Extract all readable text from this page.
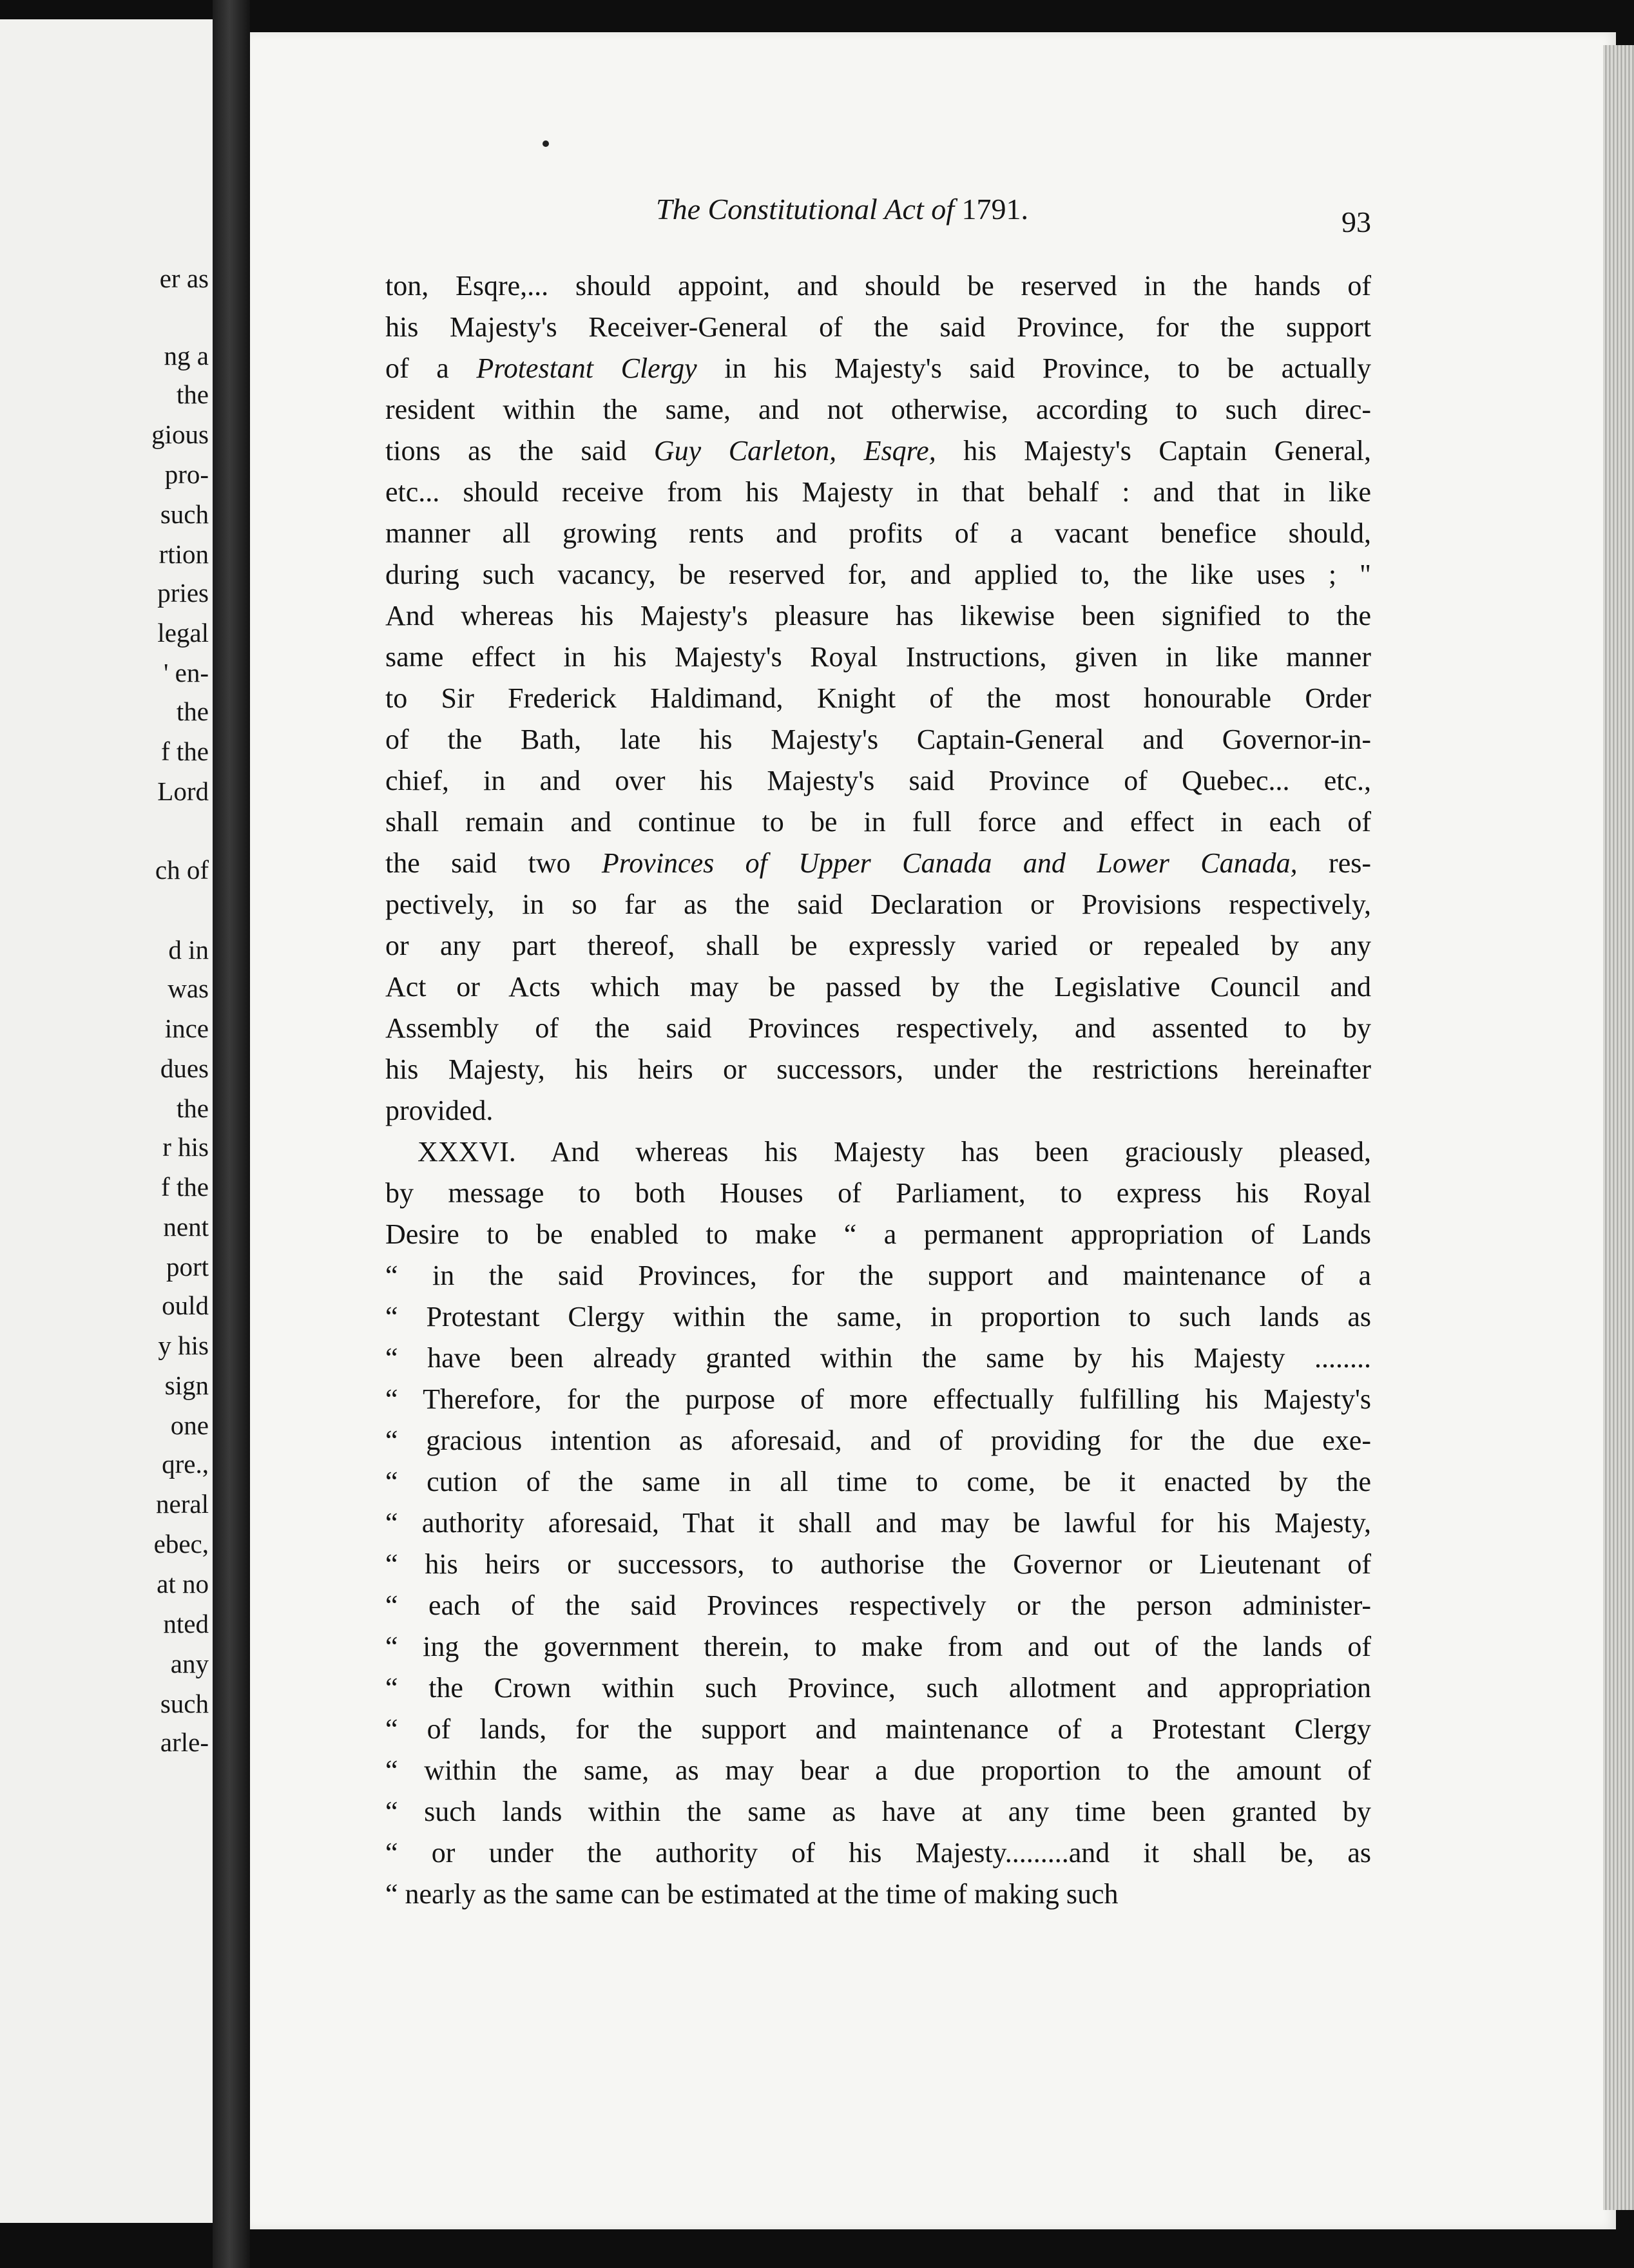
er as
ng a
the
gious
pro-
such
rtion
pries
legal
' en-
the
f the
Lord
ch of
d in
was
ince
dues
the
r his
f the
nent
port
ould
y his
sign
one
qre.,
neral
ebec,
at no
nted
any
such
arle-
The Constitutional Act of 1791.	93
ton, Esqre,... should appoint, and should be reserved in the hands of
his Majesty's Receiver-General of the said Province, for the support
of a Protestant Clergy in his Majesty's said Province, to be actually
resident within the same, and not otherwise, according to such direc-
tions as the said Guy Carleton, Esqre, his Majesty's Captain General,
etc... should receive from his Majesty in that behalf : and that in like
manner all growing rents and profits of a vacant benefice should,
during such vacancy, be reserved for, and applied to, the like uses ; "
And whereas his Majesty's pleasure has likewise been signified to the
same effect in his Majesty's Royal Instructions, given in like manner
to Sir Frederick Haldimand, Knight of the most honourable Order
of the Bath, late his Majesty's Captain-General and Governor-in-
chief, in and over his Majesty's said Province of Quebec... etc.,
shall remain and continue to be in full force and effect in each of
the said two Provinces of Upper Canada and Lower Canada, res-
pectively, in so far as the said Declaration or Provisions respectively,
or any part thereof, shall be expressly varied or repealed by any
Act or Acts which may be passed by the Legislative Council and
Assembly of the said Provinces respectively, and assented to by
his Majesty, his heirs or successors, under the restrictions hereinafter
provided.
XXXVI. And whereas his Majesty has been graciously pleased,
by message to both Houses of Parliament, to express his Royal
Desire to be enabled to make “ a permanent appropriation of Lands
“ in the said Provinces, for the support and maintenance of a
“ Protestant Clergy within the same, in proportion to such lands as
“ have been already granted within the same by his Majesty ........
“ Therefore, for the purpose of more effectually fulfilling his Majesty's
“ gracious intention as aforesaid, and of providing for the due exe-
“ cution of the same in all time to come, be it enacted by the
“ authority aforesaid, That it shall and may be lawful for his Majesty,
“ his heirs or successors, to authorise the Governor or Lieutenant of
“ each of the said Provinces respectively or the person administer-
“ ing the government therein, to make from and out of the lands of
“ the Crown within such Province, such allotment and appropriation
“ of lands, for the support and maintenance of a Protestant Clergy
“ within the same, as may bear a due proportion to the amount of
“ such lands within the same as have at any time been granted by
“ or under the authority of his Majesty.........and it shall be, as
“ nearly as the same can be estimated at the time of making such
